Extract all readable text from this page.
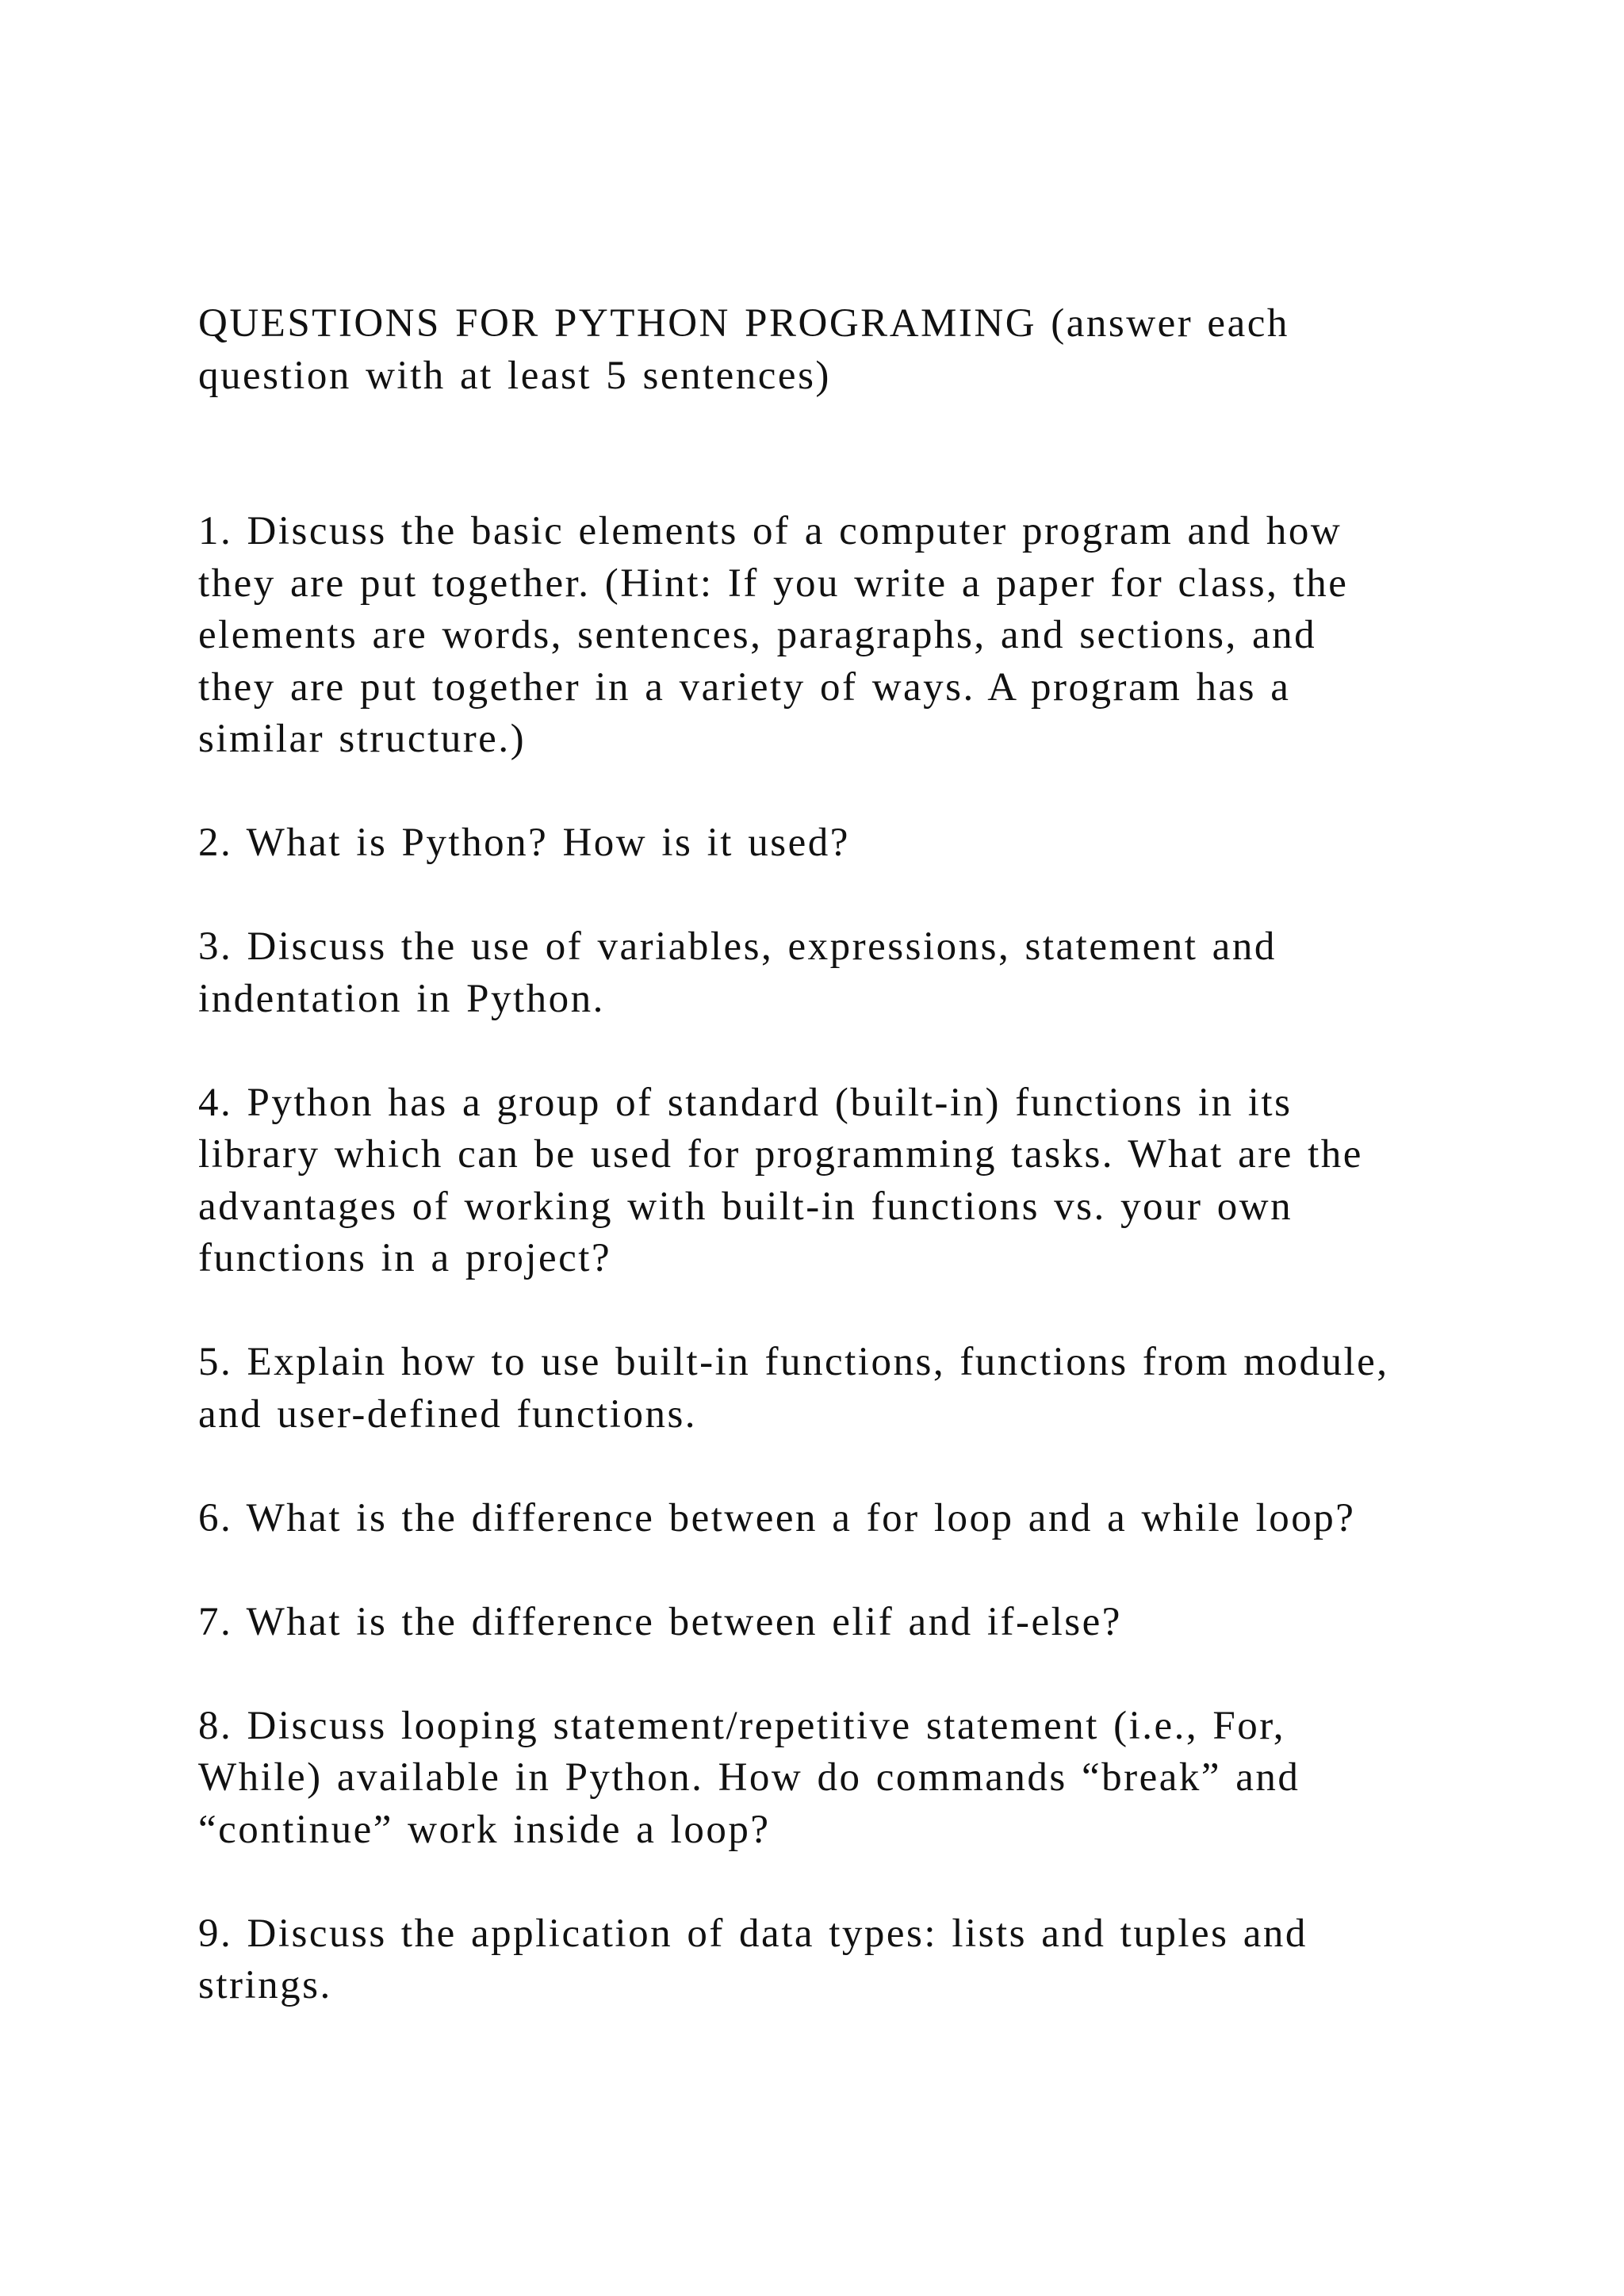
QUESTIONS FOR PYTHON PROGRAMING (answer each
question with at least 5 sentences)
1. Discuss the basic elements of a computer program and how
they are put together. (Hint: If you write a paper for class, the
elements are words, sentences, paragraphs, and sections, and
they are put together in a variety of ways. A program has a
similar structure.)
2. What is Python? How is it used?
3. Discuss the use of variables, expressions, statement and
indentation in Python.
4. Python has a group of standard (built-in) functions in its
library which can be used for programming tasks. What are the
advantages of working with built-in functions vs. your own
functions in a project?
5. Explain how to use built-in functions, functions from module,
and user-defined functions.
6. What is the difference between a for loop and a while loop?
7. What is the difference between elif and if-else?
8. Discuss looping statement/repetitive statement (i.e., For,
While) available in Python. How do commands “break” and
“continue” work inside a loop?
9. Discuss the application of data types: lists and tuples and
strings.
